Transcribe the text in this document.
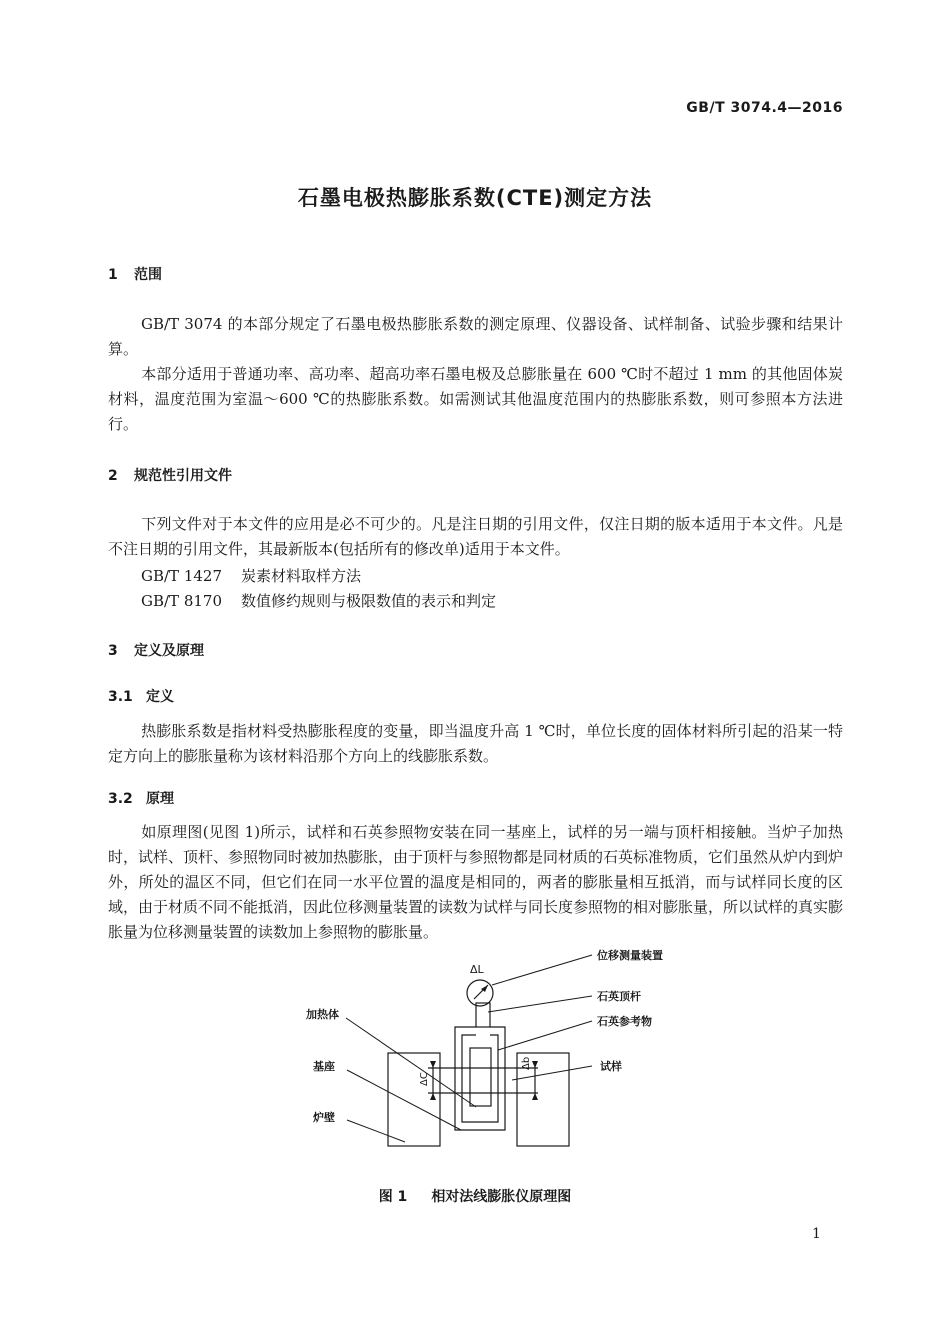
GB/T 3074.4—2016
石墨电极热膨胀系数(CTE)测定方法
1 范围
GB/T 3074 的本部分规定了石墨电极热膨胀系数的测定原理、仪器设备、试样制备、试验步骤和结果计算。
本部分适用于普通功率、高功率、超高功率石墨电极及总膨胀量在 600 ℃时不超过 1 mm 的其他固体炭材料，温度范围为室温～600 ℃的热膨胀系数。如需测试其他温度范围内的热膨胀系数，则可参照本方法进行。
2 规范性引用文件
下列文件对于本文件的应用是必不可少的。凡是注日期的引用文件，仅注日期的版本适用于本文件。凡是不注日期的引用文件，其最新版本(包括所有的修改单)适用于本文件。
GB/T 1427 炭素材料取样方法
GB/T 8170 数值修约规则与极限数值的表示和判定
3 定义及原理
3.1 定义
热膨胀系数是指材料受热膨胀程度的变量，即当温度升高 1 ℃时，单位长度的固体材料所引起的沿某一特定方向上的膨胀量称为该材料沿那个方向上的线膨胀系数。
3.2 原理
如原理图(见图 1)所示，试样和石英参照物安装在同一基座上，试样的另一端与顶杆相接触。当炉子加热时，试样、顶杆、参照物同时被加热膨胀，由于顶杆与参照物都是同材质的石英标准物质，它们虽然从炉内到炉外，所处的温区不同，但它们在同一水平位置的温度是相同的，两者的膨胀量相互抵消，而与试样同长度的区域，由于材质不同不能抵消，因此位移测量装置的读数为试样与同长度参照物的相对膨胀量，所以试样的真实膨胀量为位移测量装置的读数加上参照物的膨胀量。
ΔL
位移测量装置
石英顶杆
石英参考物
加热体
试样
基座
炉壁
ΔC
Δb
图 1 相对法线膨胀仪原理图
1
